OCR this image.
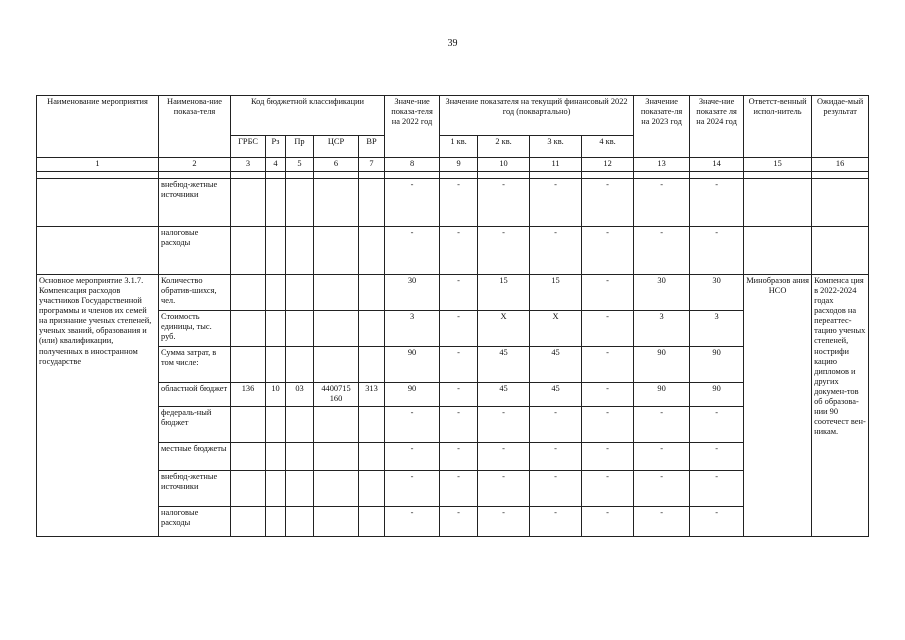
39
Наименование мероприятия	Наименова-ние показа-теля	Код бюджетной классификации					Значе-ние показа-теля на 2022 год	Значение показателя на текущий финансовый 2022 год (поквартально)				Значение показате-ля на 2023 год	Значе-ние показате ля на 2024 год	Ответст-венный испол-нитель	Ожидае-мый результат
		ГРБС	Рз	Пр	ЦСР	ВР		1 кв.	2 кв.	3 кв.	4 кв.				
1	2	3	4	5	6	7	8	9	10	11	12	13	14	15	16

	внебюд-жетные источники						-	-	-	-	-	-	-		
	налоговые расходы						-	-	-	-	-	-	-		
Основное мероприятие 3.1.7. Компенсация расходов участников Государственной программы и членов их семей на признание ученых степеней, ученых званий, образования и (или) квалификации, полученных в иностранном государстве	Количество обратив-шихся, чел.						30	-	15	15	-	30	30	Минобразов ания НСО	Компенса ция в 2022-2024 годах расходов на переаттес-тацию ученых степеней, нострифи кацию дипломов и других докумен-тов об образова-нии 90 соотечест вен-никам.
	Стоимость единицы, тыс. руб.						3	-	X	X	-	3	3		
	Сумма затрат, в том числе:						90	-	45	45	-	90	90		
	областной бюджет	136	10	03	4400715 160	313	90	-	45	45	-	90	90		
	федераль-ный бюджет						-	-	-	-	-	-	-		
	местные бюджеты						-	-	-	-	-	-	-		
	внебюд-жетные источники						-	-	-	-	-	-	-		
	налоговые расходы						-	-	-	-	-	-	-		
